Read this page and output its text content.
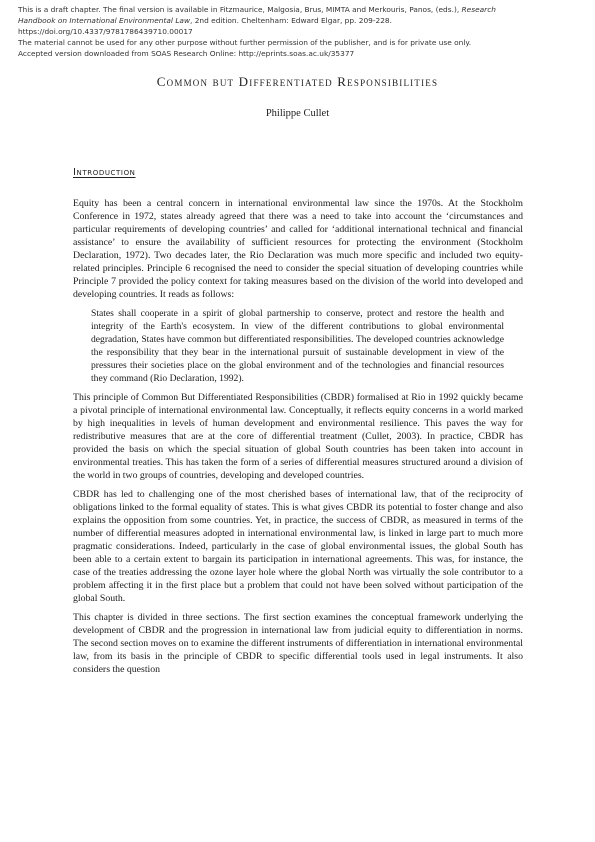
This is a draft chapter. The final version is available in Fitzmaurice, Malgosia, Brus, MIMTA and Merkouris, Panos, (eds.), Research
Handbook on International Environmental Law, 2nd edition. Cheltenham: Edward Elgar, pp. 209-228.
https://doi.org/10.4337/9781786439710.00017
The material cannot be used for any other purpose without further permission of the publisher, and is for private use only.
Accepted version downloaded from SOAS Research Online: http://eprints.soas.ac.uk/35377
Common but Differentiated Responsibilities
Philippe Cullet
Introduction

Equity has been a central concern in international environmental law since the 1970s. At the Stockholm Conference in 1972, states already agreed that there was a need to take into account the ‘circumstances and particular requirements of developing countries’ and called for ‘additional international technical and financial assistance’ to ensure the availability of sufficient resources for protecting the environment (Stockholm Declaration, 1972). Two decades later, the Rio Declaration was much more specific and included two equity-related principles. Principle 6 recognised the need to consider the special situation of developing countries while Principle 7 provided the policy context for taking measures based on the division of the world into developed and developing countries. It reads as follows:

States shall cooperate in a spirit of global partnership to conserve, protect and restore the health and integrity of the Earth's ecosystem. In view of the different contributions to global environmental degradation, States have common but differentiated responsibilities. The developed countries acknowledge the responsibility that they bear in the international pursuit of sustainable development in view of the pressures their societies place on the global environment and of the technologies and financial resources they command (Rio Declaration, 1992).

This principle of Common But Differentiated Responsibilities (CBDR) formalised at Rio in 1992 quickly became a pivotal principle of international environmental law. Conceptually, it reflects equity concerns in a world marked by high inequalities in levels of human development and environmental resilience. This paves the way for redistributive measures that are at the core of differential treatment (Cullet, 2003). In practice, CBDR has provided the basis on which the special situation of global South countries has been taken into account in environmental treaties. This has taken the form of a series of differential measures structured around a division of the world in two groups of countries, developing and developed countries.

CBDR has led to challenging one of the most cherished bases of international law, that of the reciprocity of obligations linked to the formal equality of states. This is what gives CBDR its potential to foster change and also explains the opposition from some countries. Yet, in practice, the success of CBDR, as measured in terms of the number of differential measures adopted in international environmental law, is linked in large part to much more pragmatic considerations. Indeed, particularly in the case of global environmental issues, the global South has been able to a certain extent to bargain its participation in international agreements. This was, for instance, the case of the treaties addressing the ozone layer hole where the global North was virtually the sole contributor to a problem affecting it in the first place but a problem that could not have been solved without participation of the global South.

This chapter is divided in three sections. The first section examines the conceptual framework underlying the development of CBDR and the progression in international law from judicial equity to differentiation in norms. The second section moves on to examine the different instruments of differentiation in international environmental law, from its basis in the principle of CBDR to specific differential tools used in legal instruments. It also considers the question
